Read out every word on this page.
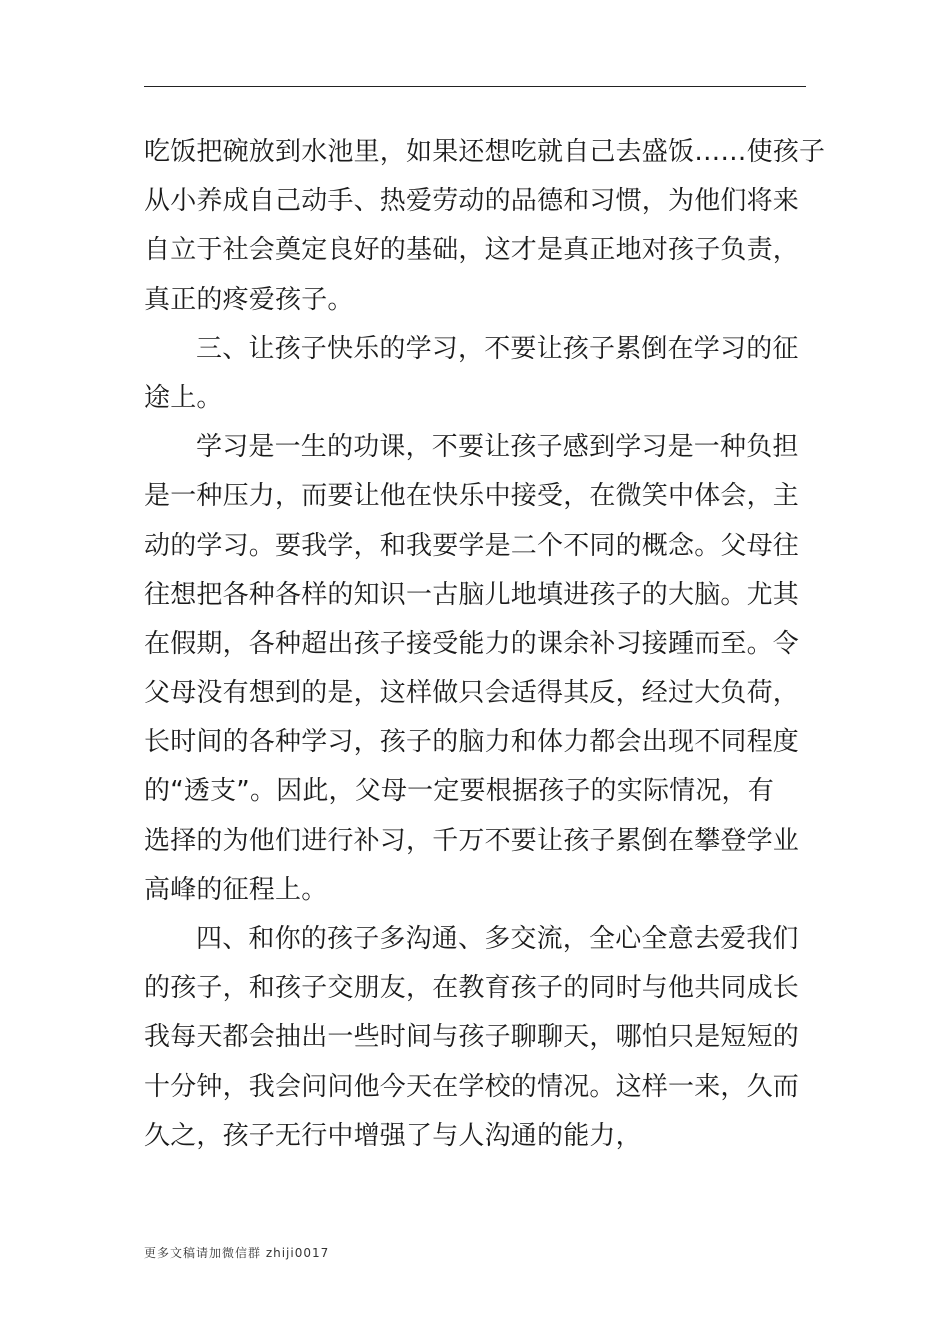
吃饭把碗放到水池里，如果还想吃就自己去盛饭……使孩子
从小养成自己动手、热爱劳动的品德和习惯，为他们将来
自立于社会奠定良好的基础，这才是真正地对孩子负责，
真正的疼爱孩子。
三、让孩子快乐的学习，不要让孩子累倒在学习的征
途上。
学习是一生的功课，不要让孩子感到学习是一种负担
是一种压力，而要让他在快乐中接受，在微笑中体会，主
动的学习。要我学，和我要学是二个不同的概念。父母往
往想把各种各样的知识一古脑儿地填进孩子的大脑。尤其
在假期，各种超出孩子接受能力的课余补习接踵而至。令
父母没有想到的是，这样做只会适得其反，经过大负荷，
长时间的各种学习，孩子的脑力和体力都会出现不同程度
的“透支”。因此，父母一定要根据孩子的实际情况，有
选择的为他们进行补习，千万不要让孩子累倒在攀登学业
高峰的征程上。
四、和你的孩子多沟通、多交流，全心全意去爱我们
的孩子，和孩子交朋友，在教育孩子的同时与他共同成长
我每天都会抽出一些时间与孩子聊聊天，哪怕只是短短的
十分钟，我会问问他今天在学校的情况。这样一来，久而
久之，孩子无行中增强了与人沟通的能力，
更多文稿请加微信群 zhiji0017
